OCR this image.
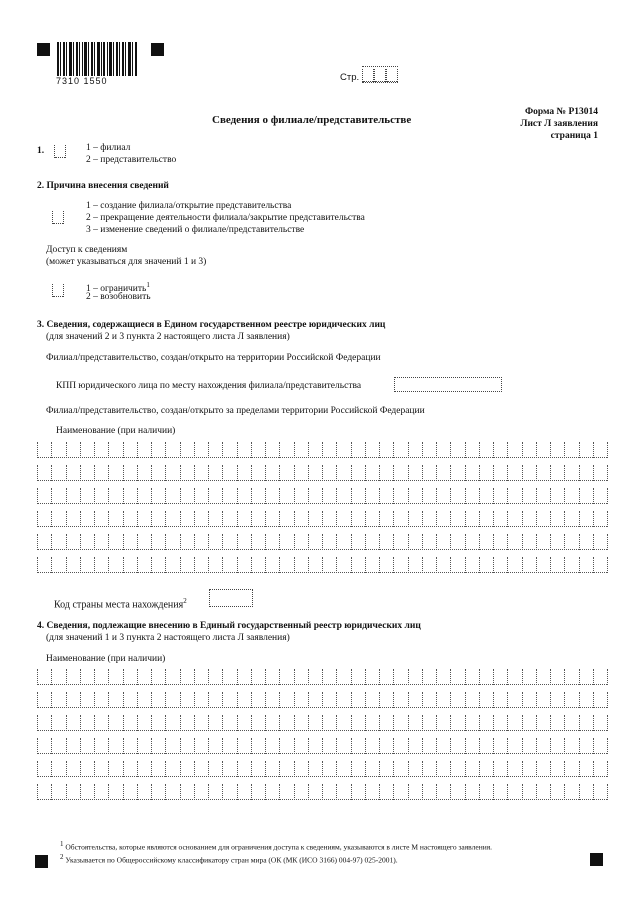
7310 1550	Стр.
Сведения о филиале/представительстве
Форма № Р13014
Лист Л заявления
страница 1
1.	1 – филиал
2 – представительство
2. Причина внесения сведений
1 – создание филиала/открытие представительства
2 – прекращение деятельности филиала/закрытие представительства
3 – изменение сведений о филиале/представительстве
Доступ к сведениям
(может указываться для значений 1 и 3)
1 – ограничить$^1$
2 – возобновить
3. Сведения, содержащиеся в Едином государственном реестре юридических лиц
(для значений 2 и 3 пункта 2 настоящего листа Л заявления)
Филиал/представительство, создан/открыто на территории Российской Федерации
КПП юридического лица по месту нахождения филиала/представительства
Филиал/представительство, создан/открыто за пределами территории Российской Федерации
Наименование (при наличии)
Код страны места нахождения$^2$
4. Сведения, подлежащие внесению в Единый государственный реестр юридических лиц
(для значений 1 и 3 пункта 2 настоящего листа Л заявления)
Наименование (при наличии)
1 Обстоятельства, которые являются основанием для ограничения доступа к сведениям, указываются в листе М настоящего заявления.
2 Указывается по Общероссийскому классификатору стран мира (ОК (МК (ИСО 3166) 004-97) 025-2001).
